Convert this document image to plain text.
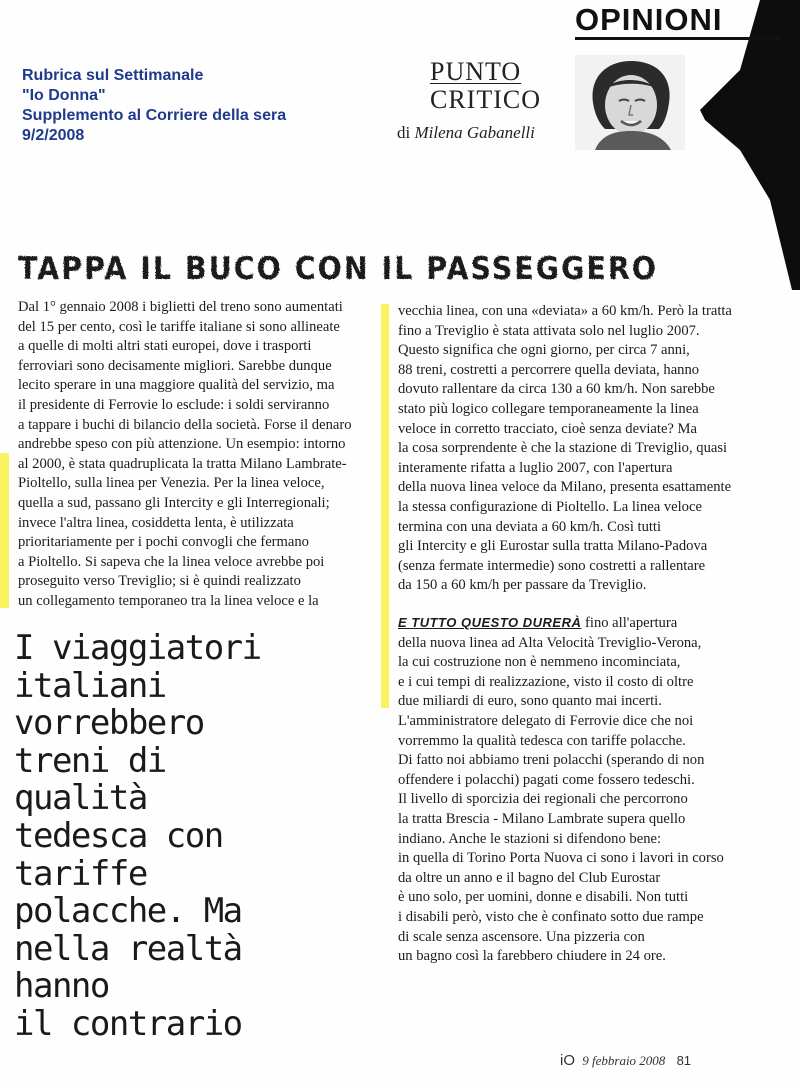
Rubrica sul Settimanale
"Io Donna"
Supplemento al Corriere della sera
9/2/2008
OPINIONI
PUNTO
CRITICO
di Milena Gabanelli
TAPPA IL BUCO CON IL PASSEGGERO
Dal 1° gennaio 2008 i biglietti del treno sono aumentati
del 15 per cento, così le tariffe italiane si sono allineate
a quelle di molti altri stati europei, dove i trasporti
ferroviari sono decisamente migliori. Sarebbe dunque
lecito sperare in una maggiore qualità del servizio, ma
il presidente di Ferrovie lo esclude: i soldi serviranno
a tappare i buchi di bilancio della società. Forse il denaro
andrebbe speso con più attenzione. Un esempio: intorno
al 2000, è stata quadruplicata la tratta Milano Lambrate-
Pioltello, sulla linea per Venezia. Per la linea veloce,
quella a sud, passano gli Intercity e gli Interregionali;
invece l'altra linea, cosiddetta lenta, è utilizzata
prioritariamente per i pochi convogli che fermano
a Pioltello. Si sapeva che la linea veloce avrebbe poi
proseguito verso Treviglio; si è quindi realizzato
un collegamento temporaneo tra la linea veloce e la
vecchia linea, con una «deviata» a 60 km/h. Però la tratta
fino a Treviglio è stata attivata solo nel luglio 2007.
Questo significa che ogni giorno, per circa 7 anni,
88 treni, costretti a percorrere quella deviata, hanno
dovuto rallentare da circa 130 a 60 km/h. Non sarebbe
stato più logico collegare temporaneamente la linea
veloce in corretto tracciato, cioè senza deviate? Ma
la cosa sorprendente è che la stazione di Treviglio, quasi
interamente rifatta a luglio 2007, con l'apertura
della nuova linea veloce da Milano, presenta esattamente
la stessa configurazione di Pioltello. La linea veloce
termina con una deviata a 60 km/h. Così tutti
gli Intercity e gli Eurostar sulla tratta Milano-Padova
(senza fermate intermedie) sono costretti a rallentare
da 150 a 60 km/h per passare da Treviglio.
E TUTTO QUESTO DURERÀ fino all'apertura
della nuova linea ad Alta Velocità Treviglio-Verona,
la cui costruzione non è nemmeno incominciata,
e i cui tempi di realizzazione, visto il costo di oltre
due miliardi di euro, sono quanto mai incerti.
L'amministratore delegato di Ferrovie dice che noi
vorremmo la qualità tedesca con tariffe polacche.
Di fatto noi abbiamo treni polacchi (sperando di non
offendere i polacchi) pagati come fossero tedeschi.
Il livello di sporcizia dei regionali che percorrono
la tratta Brescia - Milano Lambrate supera quello
indiano. Anche le stazioni si difendono bene:
in quella di Torino Porta Nuova ci sono i lavori in corso
da oltre un anno e il bagno del Club Eurostar
è uno solo, per uomini, donne e disabili. Non tutti
i disabili però, visto che è confinato sotto due rampe
di scale senza ascensore. Una pizzeria con
un bagno così la farebbero chiudere in 24 ore.
I viaggiatori
italiani
vorrebbero
treni di
qualità
tedesca con
tariffe
polacche. Ma
nella realtà
hanno
il contrario
iO 9 febbraio 2008 81
